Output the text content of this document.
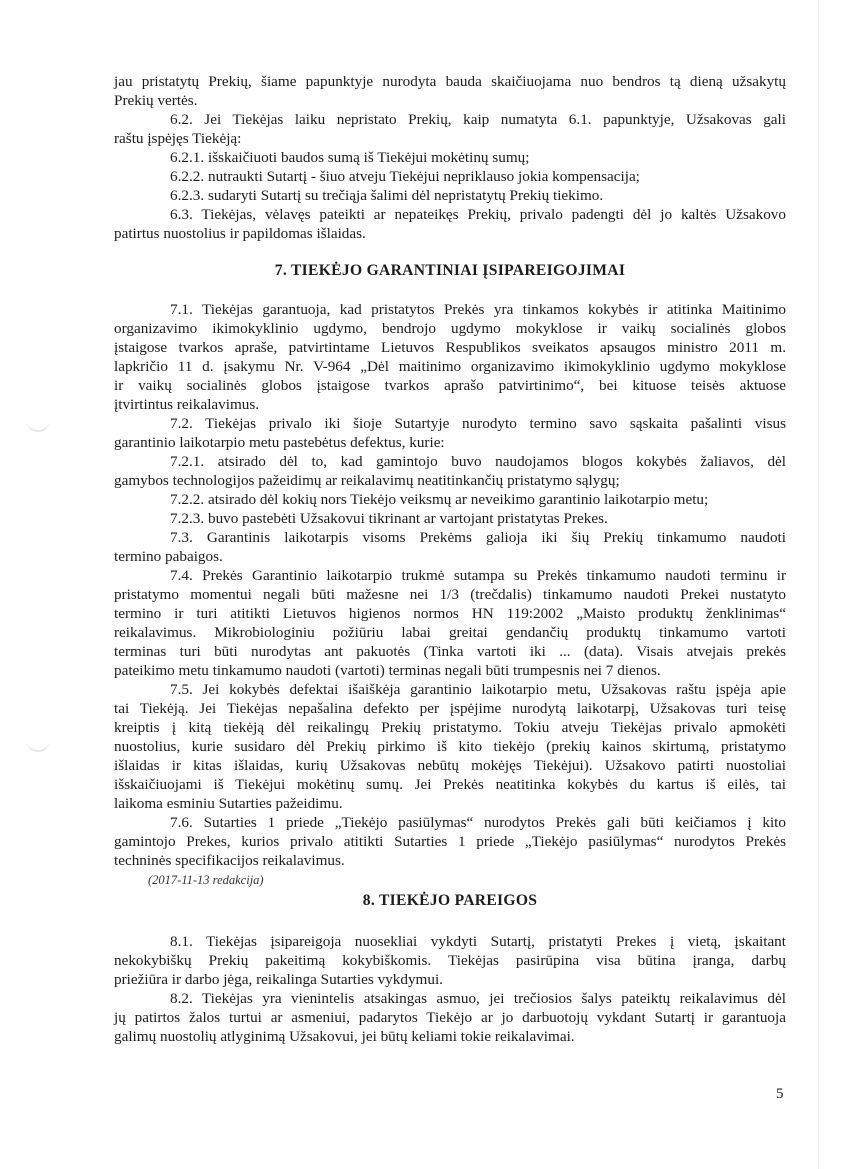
jau pristatytų Prekių, šiame papunktyje nurodyta bauda skaičiuojama nuo bendros tą dieną užsakytų
Prekių vertės.
6.2. Jei Tiekėjas laiku nepristato Prekių, kaip numatyta 6.1. papunktyje, Užsakovas gali
raštu įspėjęs Tiekėją:
6.2.1. išskaičiuoti baudos sumą iš Tiekėjui mokėtinų sumų;
6.2.2. nutraukti Sutartį - šiuo atveju Tiekėjui nepriklauso jokia kompensacija;
6.2.3. sudaryti Sutartį su trečiąja šalimi dėl nepristatytų Prekių tiekimo.
6.3. Tiekėjas, vėlavęs pateikti ar nepateikęs Prekių, privalo padengti dėl jo kaltės Užsakovo
patirtus nuostolius ir papildomas išlaidas.
7. TIEKĖJO GARANTINIAI ĮSIPAREIGOJIMAI
7.1. Tiekėjas garantuoja, kad pristatytos Prekės yra tinkamos kokybės ir atitinka Maitinimo
organizavimo ikimokyklinio ugdymo, bendrojo ugdymo mokyklose ir vaikų socialinės globos
įstaigose tvarkos apraše, patvirtintame Lietuvos Respublikos sveikatos apsaugos ministro 2011 m.
lapkričio 11 d. įsakymu Nr. V-964 „Dėl maitinimo organizavimo ikimokyklinio ugdymo mokyklose
ir vaikų socialinės globos įstaigose tvarkos aprašo patvirtinimo“, bei kituose teisės aktuose
įtvirtintus reikalavimus.
7.2. Tiekėjas privalo iki šioje Sutartyje nurodyto termino savo sąskaita pašalinti visus
garantinio laikotarpio metu pastebėtus defektus, kurie:
7.2.1. atsirado dėl to, kad gamintojo buvo naudojamos blogos kokybės žaliavos, dėl
gamybos technologijos pažeidimų ar reikalavimų neatitinkančių pristatymo sąlygų;
7.2.2. atsirado dėl kokių nors Tiekėjo veiksmų ar neveikimo garantinio laikotarpio metu;
7.2.3. buvo pastebėti Užsakovui tikrinant ar vartojant pristatytas Prekes.
7.3. Garantinis laikotarpis visoms Prekėms galioja iki šių Prekių tinkamumo naudoti
termino pabaigos.
7.4. Prekės Garantinio laikotarpio trukmė sutampa su Prekės tinkamumo naudoti terminu ir
pristatymo momentui negali būti mažesne nei 1/3 (trečdalis) tinkamumo naudoti Prekei nustatyto
termino ir turi atitikti Lietuvos higienos normos HN 119:2002 „Maisto produktų ženklinimas“
reikalavimus. Mikrobiologiniu požiūriu labai greitai gendančių produktų tinkamumo vartoti
terminas turi būti nurodytas ant pakuotės (Tinka vartoti iki ... (data). Visais atvejais prekės
pateikimo metu tinkamumo naudoti (vartoti) terminas negali būti trumpesnis nei 7 dienos.
7.5. Jei kokybės defektai išaiškėja garantinio laikotarpio metu, Užsakovas raštu įspėja apie
tai Tiekėją. Jei Tiekėjas nepašalina defekto per įspėjime nurodytą laikotarpį, Užsakovas turi teisę
kreiptis į kitą tiekėją dėl reikalingų Prekių pristatymo. Tokiu atveju Tiekėjas privalo apmokėti
nuostolius, kurie susidaro dėl Prekių pirkimo iš kito tiekėjo (prekių kainos skirtumą, pristatymo
išlaidas ir kitas išlaidas, kurių Užsakovas nebūtų mokėjęs Tiekėjui). Užsakovo patirti nuostoliai
išskaičiuojami iš Tiekėjui mokėtinų sumų. Jei Prekės neatitinka kokybės du kartus iš eilės, tai
laikoma esminiu Sutarties pažeidimu.
7.6. Sutarties 1 priede „Tiekėjo pasiūlymas“ nurodytos Prekės gali būti keičiamos į kito
gamintojo Prekes, kurios privalo atitikti Sutarties 1 priede „Tiekėjo pasiūlymas“ nurodytos Prekės
techninės specifikacijos reikalavimus.
(2017-11-13 redakcija)
8. TIEKĖJO PAREIGOS
8.1. Tiekėjas įsipareigoja nuosekliai vykdyti Sutartį, pristatyti Prekes į vietą, įskaitant
nekokybiškų Prekių pakeitimą kokybiškomis. Tiekėjas pasirūpina visa būtina įranga, darbų
priežiūra ir darbo jėga, reikalinga Sutarties vykdymui.
8.2. Tiekėjas yra vienintelis atsakingas asmuo, jei trečiosios šalys pateiktų reikalavimus dėl
jų patirtos žalos turtui ar asmeniui, padarytos Tiekėjo ar jo darbuotojų vykdant Sutartį ir garantuoja
galimų nuostolių atlyginimą Užsakovui, jei būtų keliami tokie reikalavimai.
5
